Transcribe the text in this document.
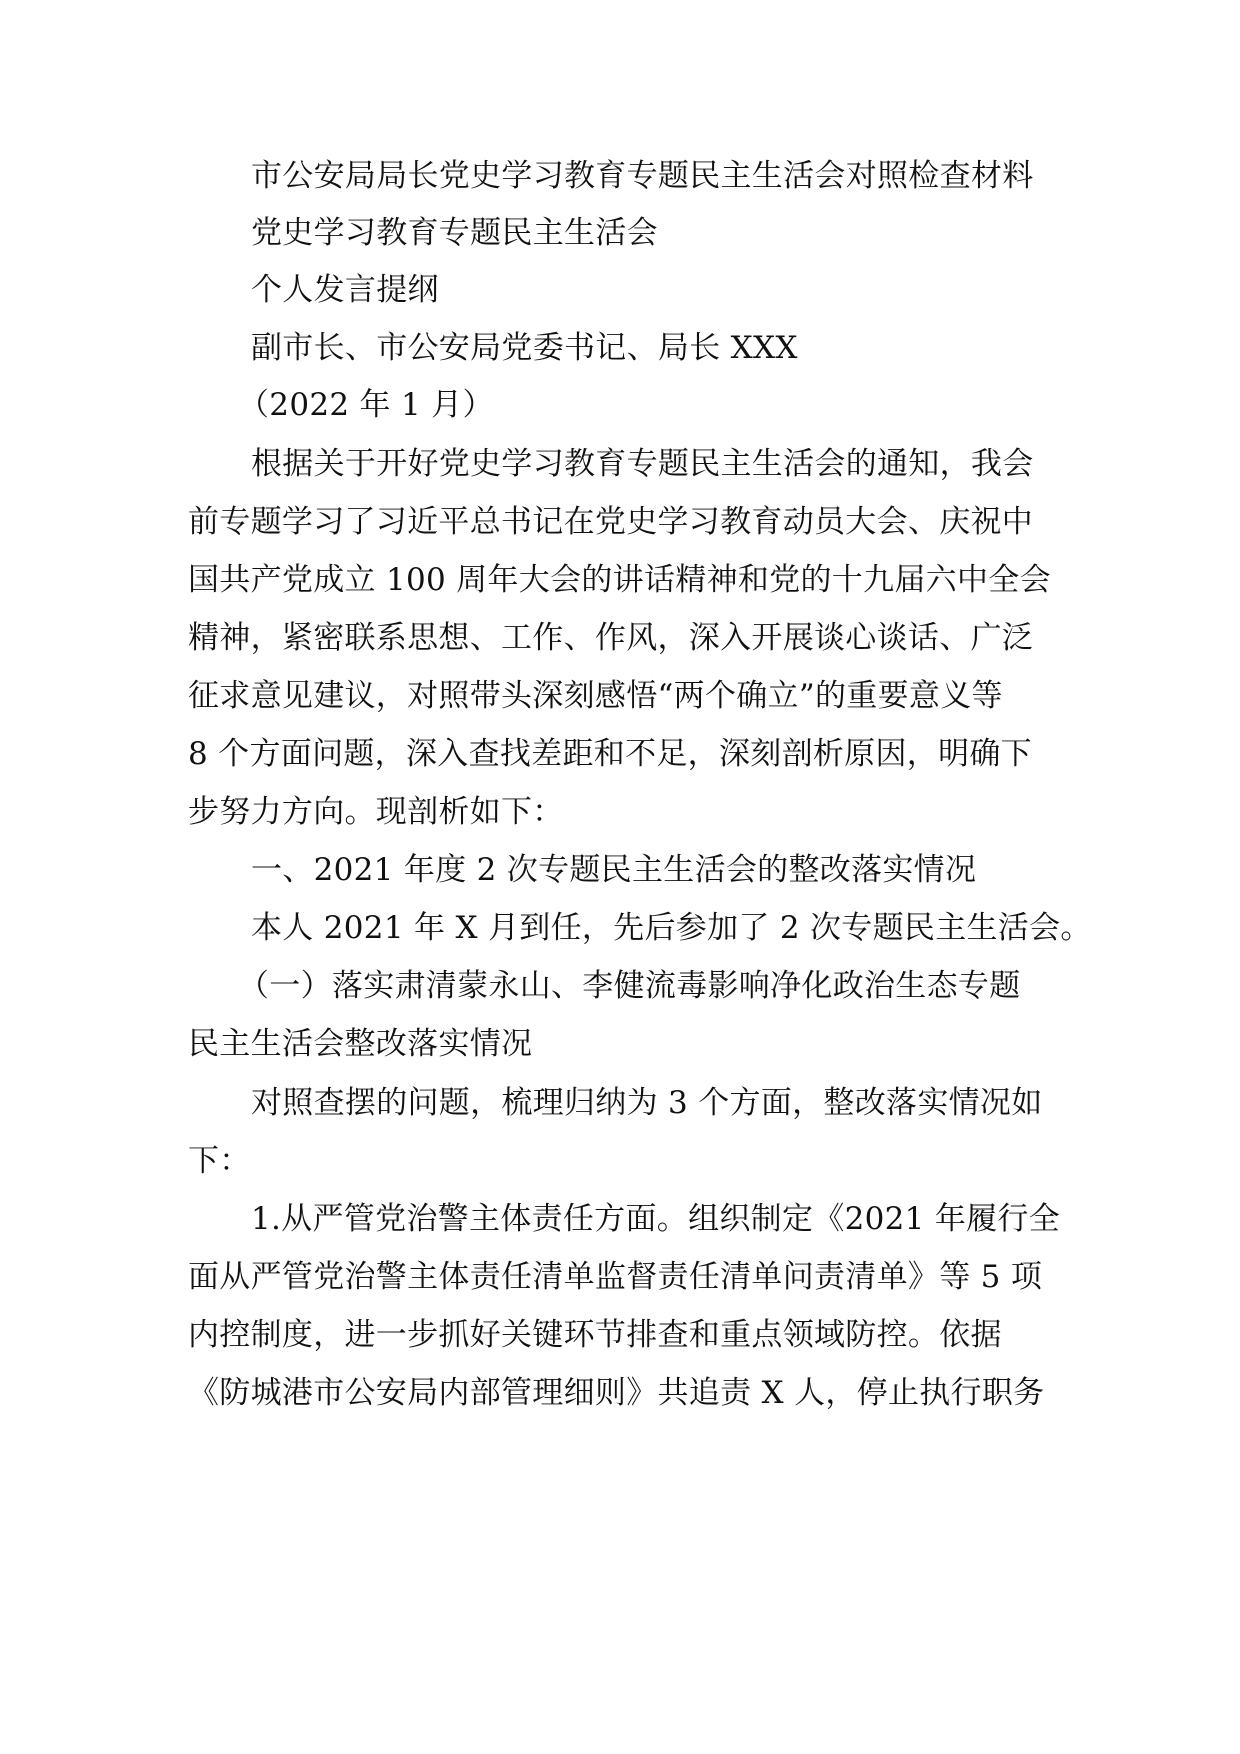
市公安局局长党史学习教育专题民主生活会对照检查材料
党史学习教育专题民主生活会
个人发言提纲
副市长、市公安局党委书记、局长 XXX
（2022 年 1 月）
根据关于开好党史学习教育专题民主生活会的通知，我会
前专题学习了习近平总书记在党史学习教育动员大会、庆祝中
国共产党成立 100 周年大会的讲话精神和党的十九届六中全会
精神，紧密联系思想、工作、作风，深入开展谈心谈话、广泛
征求意见建议，对照带头深刻感悟“两个确立”的重要意义等
8 个方面问题，深入查找差距和不足，深刻剖析原因，明确下
步努力方向。现剖析如下：
一、2021 年度 2 次专题民主生活会的整改落实情况
本人 2021 年 X 月到任，先后参加了 2 次专题民主生活会。
（一）落实肃清蒙永山、李健流毒影响净化政治生态专题
民主生活会整改落实情况
对照查摆的问题，梳理归纳为 3 个方面，整改落实情况如
下：
1.从严管党治警主体责任方面。组织制定《2021 年履行全
面从严管党治警主体责任清单监督责任清单问责清单》等 5 项
内控制度，进一步抓好关键环节排查和重点领域防控。依据
《防城港市公安局内部管理细则》共追责 X 人，停止执行职务
